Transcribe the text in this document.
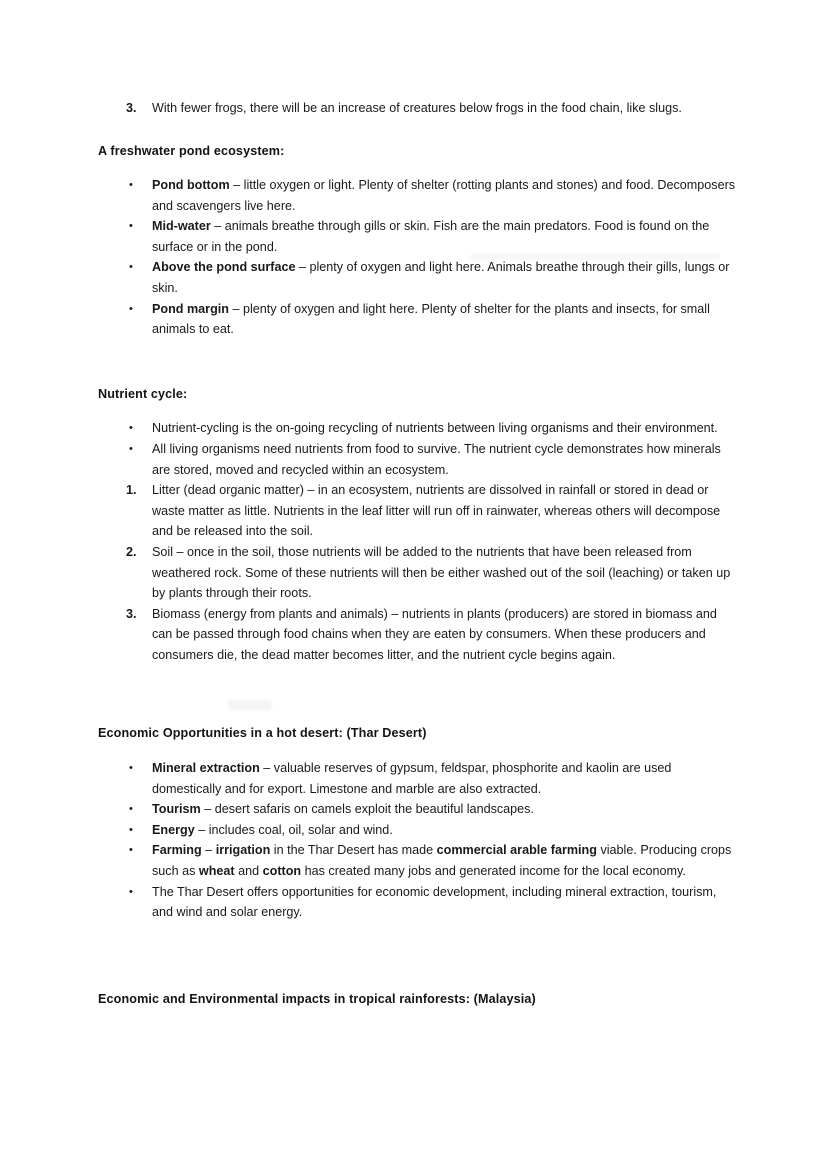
3.	With fewer frogs, there will be an increase of creatures below frogs in the food chain, like slugs.

A freshwater pond ecosystem:

•	Pond bottom – little oxygen or light. Plenty of shelter (rotting plants and stones) and food. Decomposers and scavengers live here.
•	Mid-water – animals breathe through gills or skin. Fish are the main predators. Food is found on the surface or in the pond.
•	Above the pond surface – plenty of oxygen and light here. Animals breathe through their gills, lungs or skin.
•	Pond margin – plenty of oxygen and light here. Plenty of shelter for the plants and insects, for small animals to eat.

Nutrient cycle:

•	Nutrient-cycling is the on-going recycling of nutrients between living organisms and their environment.
•	All living organisms need nutrients from food to survive. The nutrient cycle demonstrates how minerals are stored, moved and recycled within an ecosystem.
1.	Litter (dead organic matter) – in an ecosystem, nutrients are dissolved in rainfall or stored in dead or waste matter as little. Nutrients in the leaf litter will run off in rainwater, whereas others will decompose and be released into the soil.
2.	Soil – once in the soil, those nutrients will be added to the nutrients that have been released from weathered rock. Some of these nutrients will then be either washed out of the soil (leaching) or taken up by plants through their roots.
3.	Biomass (energy from plants and animals) – nutrients in plants (producers) are stored in biomass and can be passed through food chains when they are eaten by consumers. When these producers and consumers die, the dead matter becomes litter, and the nutrient cycle begins again.

Economic Opportunities in a hot desert: (Thar Desert)

•	Mineral extraction – valuable reserves of gypsum, feldspar, phosphorite and kaolin are used domestically and for export. Limestone and marble are also extracted.
•	Tourism – desert safaris on camels exploit the beautiful landscapes.
•	Energy – includes coal, oil, solar and wind.
•	Farming – irrigation in the Thar Desert has made commercial arable farming viable. Producing crops such as wheat and cotton has created many jobs and generated income for the local economy.
•	The Thar Desert offers opportunities for economic development, including mineral extraction, tourism, and wind and solar energy.

Economic and Environmental impacts in tropical rainforests: (Malaysia)
